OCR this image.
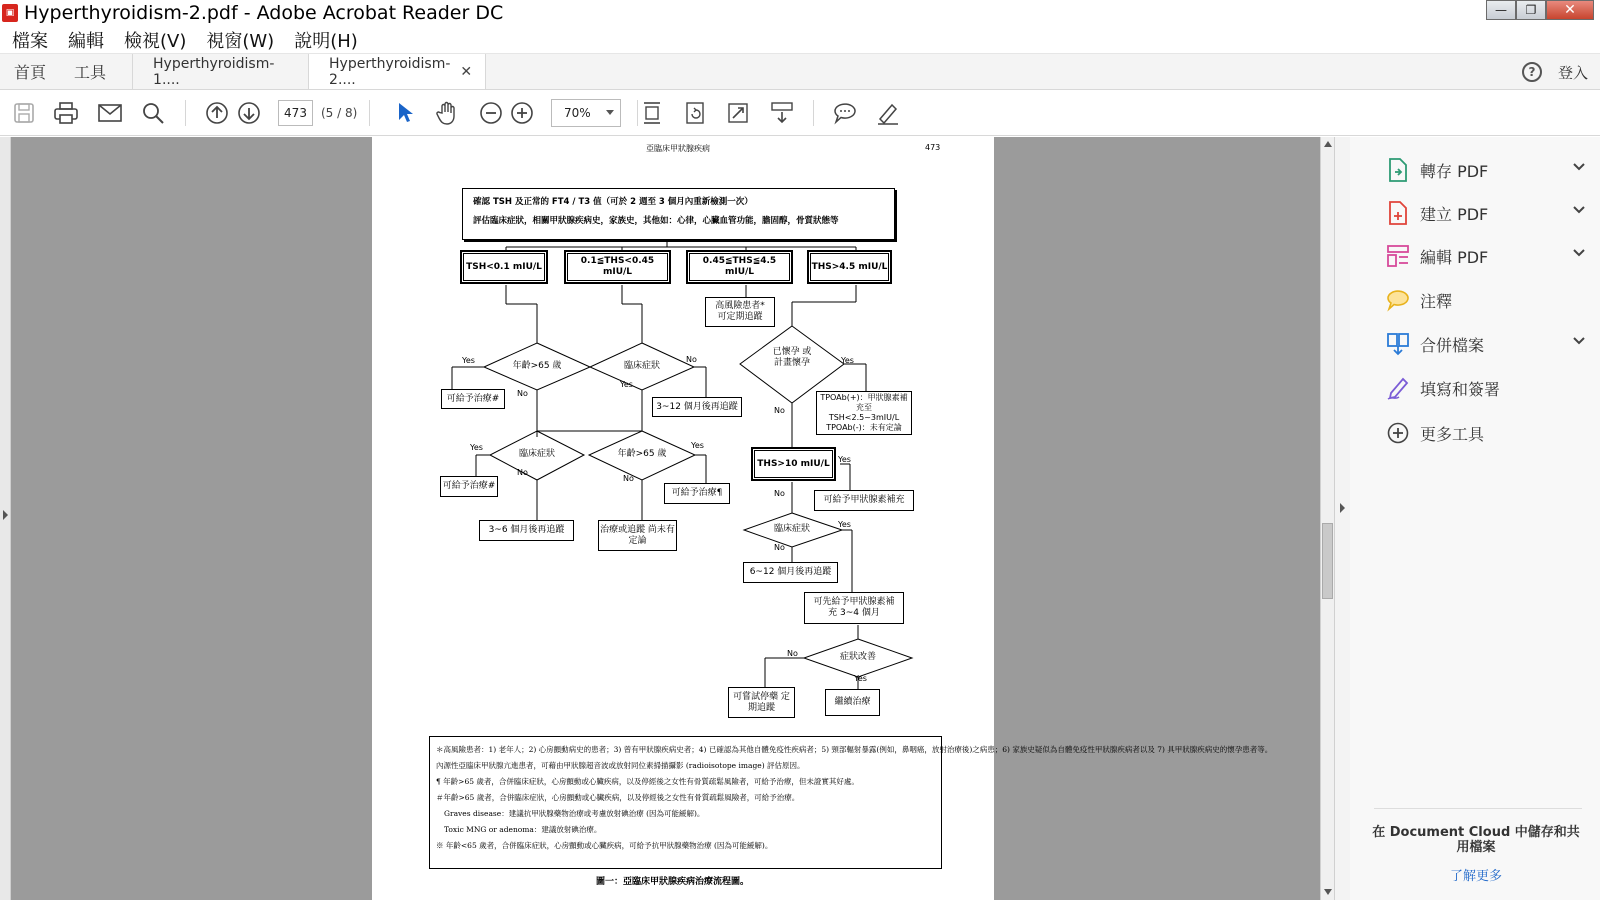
▣ Hyperthyroidism-2.pdf - Adobe Acrobat Reader DC	—	❐	✕
檔案 編輯 檢視(V) 視窗(W) 說明(H)
首頁	工具	Hyperthyroidism-1....
Hyperthyroidism-2....	✕	?	登入
473	(5 / 8)	70%
亞臨床甲狀腺疾病	473
確認 TSH 及正常的 FT4 / T3 值（可於 2 週至 3 個月內重新檢測一次）
評估臨床症狀，相關甲狀腺疾病史，家族史，其他如：心律，心臟血管功能，膽固醇，骨質狀態等
TSH<0.1 mIU/L
0.1≦THS<0.45 mIU/L
0.45≦THS≦4.5 mIU/L
THS>4.5 mIU/L
高風險患者* 可定期追蹤
年齡>65 歲	臨床症狀
已懷孕 或 計畫懷孕
可給予治療#
3~12 個月後再追蹤
TPOAb(+)：甲狀腺素補充至 TSH<2.5~3mIU/L TPOAb(-)：未有定論
臨床症狀	年齡>65 歲
THS>10 mIU/L
可給予治療#
可給予治療¶
可給予甲狀腺素補充
3~6 個月後再追蹤	治療或追蹤 尚未有定論
臨床症狀
6~12 個月後再追蹤
可先給予甲狀腺素補充 3~4 個月
症狀改善
可嘗試停藥 定期追蹤
繼續治療
Yes
No
No
Yes
Yes
No
Yes
No
Yes
No
Yes
No
Yes
No
No
Yes
＊高風險患者：1) 老年人；2) 心房顫動病史的患者；3) 曾有甲狀腺疾病史者；4) 已確認為其他自體免疫性疾病者；5) 頸部輻射暴露(例如，鼻咽癌，放射治療後)之病患；6) 家族史疑似為自體免疫性甲狀腺疾病者以及 7) 具甲狀腺疾病史的懷孕患者等。
內源性亞臨床甲狀腺亢進患者，可藉由甲狀腺超音波或放射同位素掃描攝影 (radioisotope image) 評估原因。
¶ 年齡>65 歲者，合併臨床症狀，心房顫動或心臟疾病，以及停經後之女性有骨質疏鬆風險者，可給予治療，但未證實其好處。
＃年齡>65 歲者，合併臨床症狀，心房顫動或心臟疾病，以及停經後之女性有骨質疏鬆風險者，可給予治療。
Graves disease：建議抗甲狀腺藥物治療或考慮放射碘治療 (因為可能緩解)。
Toxic MNG or adenoma：建議放射碘治療。
※ 年齡<65 歲者，合併臨床症狀，心房顫動或心臟疾病，可給予抗甲狀腺藥物治療 (因為可能緩解)。
圖一：亞臨床甲狀腺疾病治療流程圖。
轉存 PDF
建立 PDF
編輯 PDF
注釋
合併檔案
填寫和簽署
更多工具
在 Document Cloud 中儲存和共用檔案
了解更多
